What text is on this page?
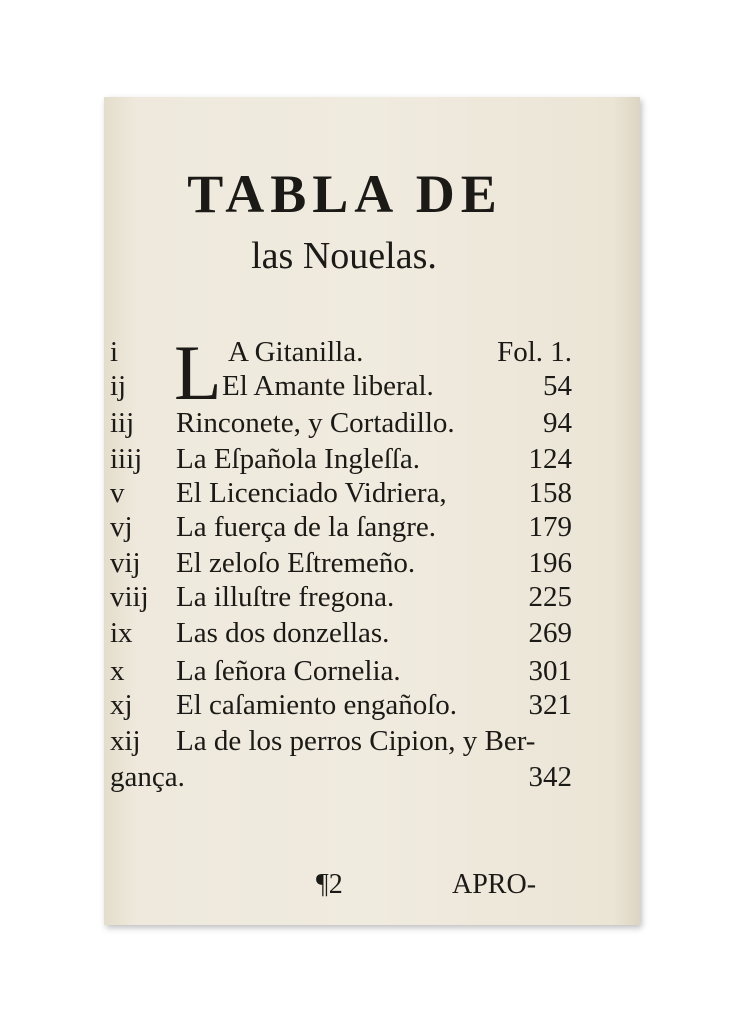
TABLA DE
las Nouelas.
L
i	A Gitanilla.	Fol. 1.
ij	El Amante liberal.	54
iij Rinconete, y Cortadillo.	94
iiij La Eſpañola Ingleſſa.	124
v El Licenciado Vidriera,	158
vj La fuerça de la ſangre.	179
vij El zeloſo Eſtremeño.	196
viij La illuſtre fregona.	225
ix Las dos donzellas.	269
x La ſeñora Cornelia.	301
xj El caſamiento engañoſo. 321
xij La de los perros Cipion, y Ber-
gança.	342
¶2	APRO-
